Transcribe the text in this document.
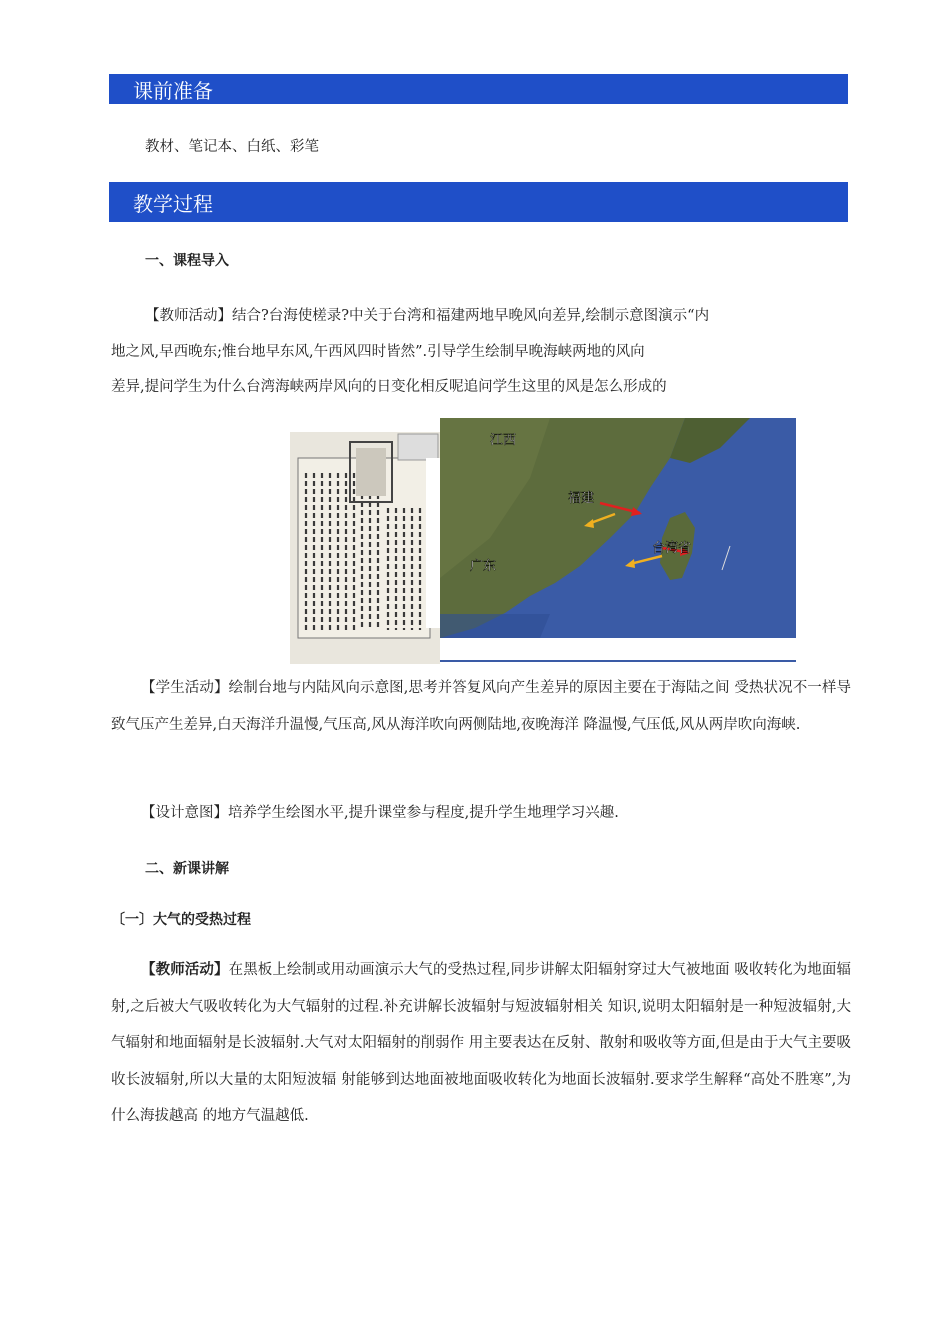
课前准备
教材、笔记本、白纸、彩笔
教学过程
一、课程导入
【教师活动】结合?台海使槎录?中关于台湾和福建两地早晚风向差异,绘制示意图演示“内
地之风,早西晚东;惟台地早东风,午西风四时皆然”.引导学生绘制早晚海峡两地的风向
差异,提问学生为什么台湾海峡两岸风向的日变化相反呢追问学生这里的风是怎么形成的
江西
福建
广东
台湾省
【学生活动】绘制台地与内陆风向示意图,思考并答复风向产生差异的原因主要在于海陆之间 受热状况不一样导致气压产生差异,白天海洋升温慢,气压高,风从海洋吹向两侧陆地,夜晚海洋 降温慢,气压低,风从两岸吹向海峡.
【设计意图】培养学生绘图水平,提升课堂参与程度,提升学生地理学习兴趣.
二、新课讲解
〔一〕大气的受热过程
【教师活动】在黑板上绘制或用动画演示大气的受热过程,同步讲解太阳辐射穿过大气被地面 吸收转化为地面辐射,之后被大气吸收转化为大气辐射的过程.补充讲解长波辐射与短波辐射相关 知识,说明太阳辐射是一种短波辐射,大气辐射和地面辐射是长波辐射.大气对太阳辐射的削弱作 用主要表达在反射、散射和吸收等方面,但是由于大气主要吸收长波辐射,所以大量的太阳短波辐 射能够到达地面被地面吸收转化为地面长波辐射.要求学生解释“高处不胜寒”,为什么海拔越高 的地方气温越低.
